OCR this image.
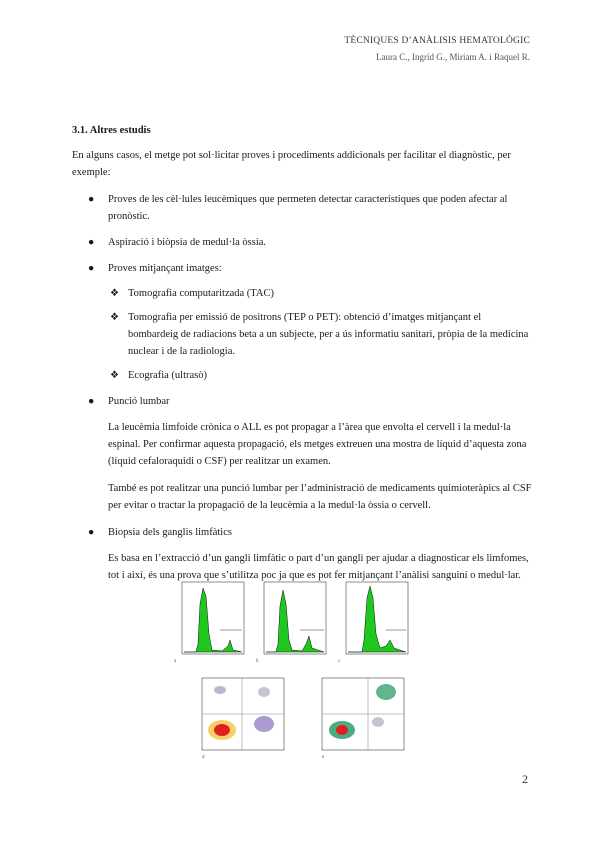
TÈCNIQUES D’ANÀLISIS HEMATOLÒGIC
Laura C., Ingrid G., Miriam A. i Raquel R.
3.1. Altres estudis

En alguns casos, el metge pot sol·licitar proves i procediments addicionals per facilitar el diagnòstic, per exemple:

● Proves de les cèl·lules leucèmiques que permeten detectar característiques que poden afectar al pronòstic.
● Aspiració i biòpsia de medul·la òssia.
● Proves mitjançant imatges:
❖ Tomografia computaritzada (TAC)
❖ Tomografia per emissió de positrons (TEP o PET): obtenció d’imatges mitjançant el bombardeig de radiacions beta a un subjecte, per a ús informatiu sanitari, pròpia de la medicina nuclear i de la radiologia.
❖ Ecografia (ultrasò)
● Punció lumbar

La leucèmia limfoide crònica o ALL es pot propagar a l’àrea que envolta el cervell i la medul·la espinal. Per confirmar aquesta propagació, els metges extreuen una mostra de líquid d’aquesta zona (líquid cefaloraquidi o CSF) per realitzar un examen.

També es pot realitzar una punció lumbar per l’administració de medicaments quimioteràpics al CSF per evitar o tractar la propagació de la leucèmia a la medul·la òssia o cervell.

● Biopsia dels ganglis limfàtics

Es basa en l’extracció d’un gangli limfàtic o part d’un gangli per ajudar a diagnosticar els limfomes, tot i així, és una prova que s’utilitza poc ja que es pot fer mitjançant l’anàlisi sanguini o medul·lar.

a	b	c
d	e
2
